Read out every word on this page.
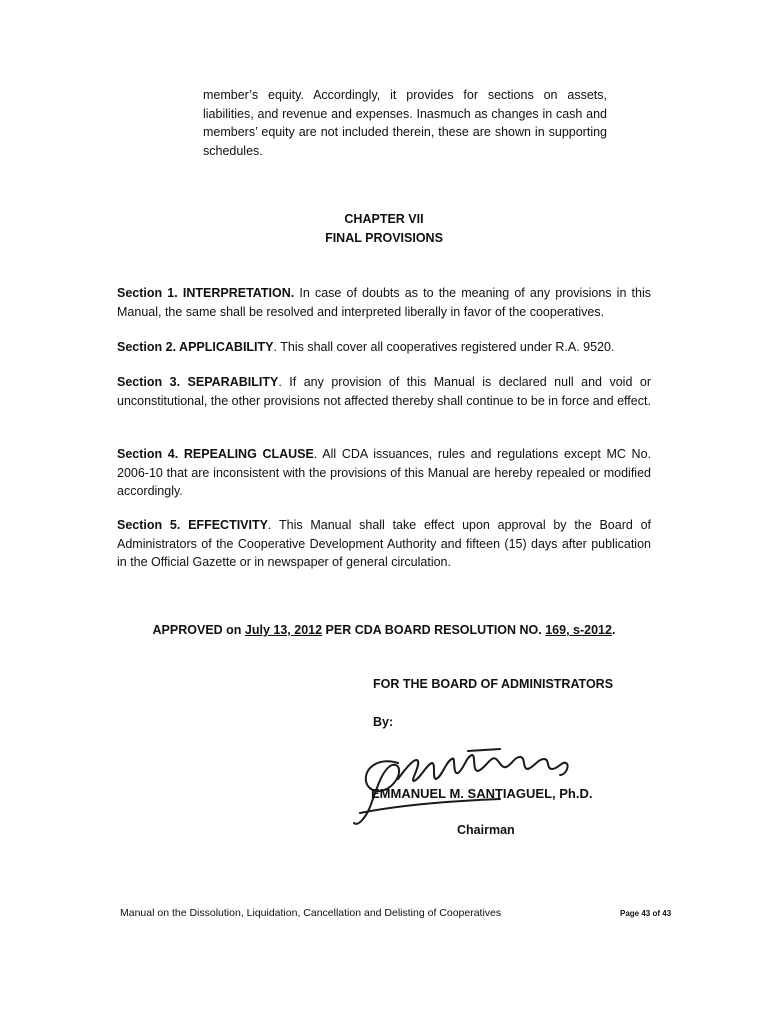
member’s equity. Accordingly, it provides for sections on assets, liabilities, and revenue and expenses. Inasmuch as changes in cash and members’ equity are not included therein, these are shown in supporting schedules.

CHAPTER VII
FINAL PROVISIONS

Section 1. INTERPRETATION. In case of doubts as to the meaning of any provisions in this Manual, the same shall be resolved and interpreted liberally in favor of the cooperatives.

Section 2. APPLICABILITY. This shall cover all cooperatives registered under R.A. 9520.

Section 3. SEPARABILITY. If any provision of this Manual is declared null and void or unconstitutional, the other provisions not affected thereby shall continue to be in force and effect.

Section 4. REPEALING CLAUSE. All CDA issuances, rules and regulations except MC No. 2006-10 that are inconsistent with the provisions of this Manual are hereby repealed or modified accordingly.

Section 5. EFFECTIVITY. This Manual shall take effect upon approval by the Board of Administrators of the Cooperative Development Authority and fifteen (15) days after publication in the Official Gazette or in newspaper of general circulation.

APPROVED on July 13, 2012 PER CDA BOARD RESOLUTION NO. 169, s-2012.
FOR THE BOARD OF ADMINISTRATORS
By:
EMMANUEL M. SANTIAGUEL, Ph.D.
Chairman
Manual on the Dissolution, Liquidation, Cancellation and Delisting of Cooperatives	Page 43 of 43
